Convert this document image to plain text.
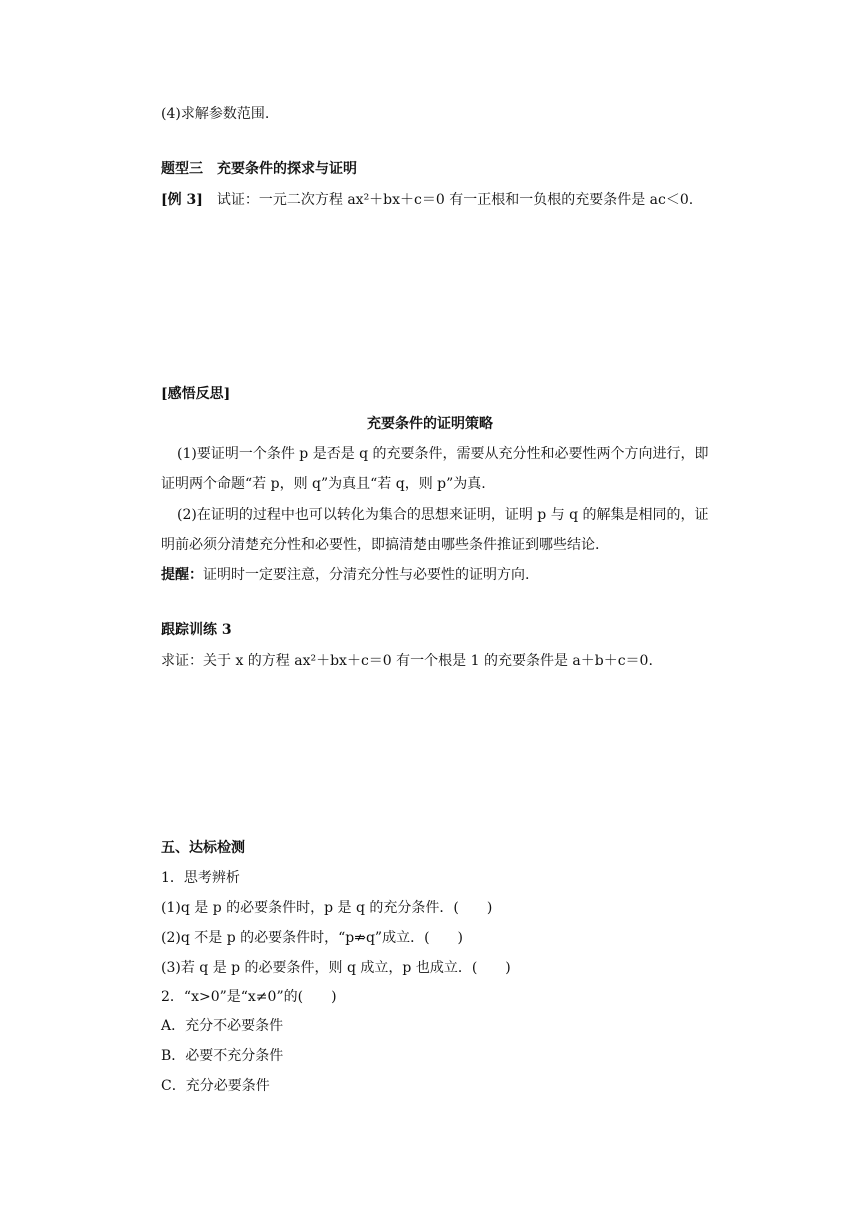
(4)求解参数范围.
题型三　充要条件的探求与证明
[例 3]　试证：一元二次方程 ax²＋bx＋c＝0 有一正根和一负根的充要条件是 ac＜0.
[感悟反思]
充要条件的证明策略
(1)要证明一个条件 p 是否是 q 的充要条件，需要从充分性和必要性两个方向进行，即
证明两个命题“若 p，则 q”为真且“若 q，则 p”为真.
(2)在证明的过程中也可以转化为集合的思想来证明，证明 p 与 q 的解集是相同的，证
明前必须分清楚充分性和必要性，即搞清楚由哪些条件推证到哪些结论.
提醒：证明时一定要注意，分清充分性与必要性的证明方向.
跟踪训练 3
求证：关于 x 的方程 ax²＋bx＋c＝0 有一个根是 1 的充要条件是 a＋b＋c＝0.
五、达标检测
1．思考辨析
(1)q 是 p 的必要条件时，p 是 q 的充分条件．(　　)
(2)q 不是 p 的必要条件时，“p⇏q”成立．(　　)
(3)若 q 是 p 的必要条件，则 q 成立，p 也成立．(　　)
2．“x>0”是“x≠0”的(　　)
A．充分不必要条件
B．必要不充分条件
C．充分必要条件
